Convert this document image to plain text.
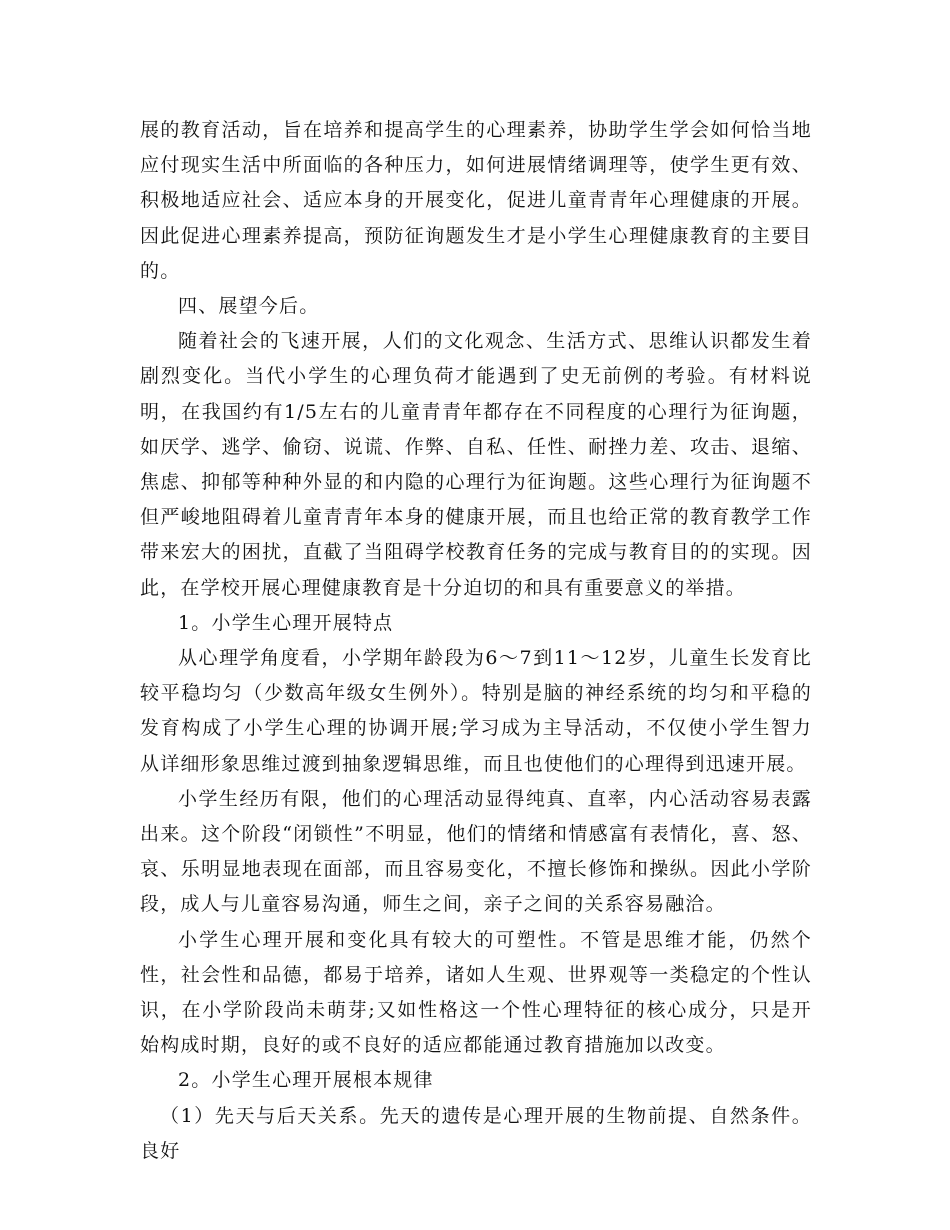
展的教育活动，旨在培养和提高学生的心理素养，协助学生学会如何恰当地应付现实生活中所面临的各种压力，如何进展情绪调理等，使学生更有效、积极地适应社会、适应本身的开展变化，促进儿童青青年心理健康的开展。因此促进心理素养提高，预防征询题发生才是小学生心理健康教育的主要目的。

四、展望今后。

随着社会的飞速开展，人们的文化观念、生活方式、思维认识都发生着剧烈变化。当代小学生的心理负荷才能遇到了史无前例的考验。有材料说明，在我国约有1/5左右的儿童青青年都存在不同程度的心理行为征询题，如厌学、逃学、偷窃、说谎、作弊、自私、任性、耐挫力差、攻击、退缩、焦虑、抑郁等种种外显的和内隐的心理行为征询题。这些心理行为征询题不但严峻地阻碍着儿童青青年本身的健康开展，而且也给正常的教育教学工作带来宏大的困扰，直截了当阻碍学校教育任务的完成与教育目的的实现。因此，在学校开展心理健康教育是十分迫切的和具有重要意义的举措。

1。小学生心理开展特点

从心理学角度看，小学期年龄段为6～7到11～12岁，儿童生长发育比较平稳均匀（少数高年级女生例外）。特别是脑的神经系统的均匀和平稳的发育构成了小学生心理的协调开展;学习成为主导活动，不仅使小学生智力从详细形象思维过渡到抽象逻辑思维，而且也使他们的心理得到迅速开展。

小学生经历有限，他们的心理活动显得纯真、直率，内心活动容易表露出来。这个阶段“闭锁性”不明显，他们的情绪和情感富有表情化，喜、怒、哀、乐明显地表现在面部，而且容易变化，不擅长修饰和操纵。因此小学阶段，成人与儿童容易沟通，师生之间，亲子之间的关系容易融洽。

小学生心理开展和变化具有较大的可塑性。不管是思维才能，仍然个性，社会性和品德，都易于培养，诸如人生观、世界观等一类稳定的个性认识，在小学阶段尚未萌芽;又如性格这一个性心理特征的核心成分，只是开始构成时期，良好的或不良好的适应都能通过教育措施加以改变。

2。小学生心理开展根本规律

（1）先天与后天关系。先天的遗传是心理开展的生物前提、自然条件。良好
